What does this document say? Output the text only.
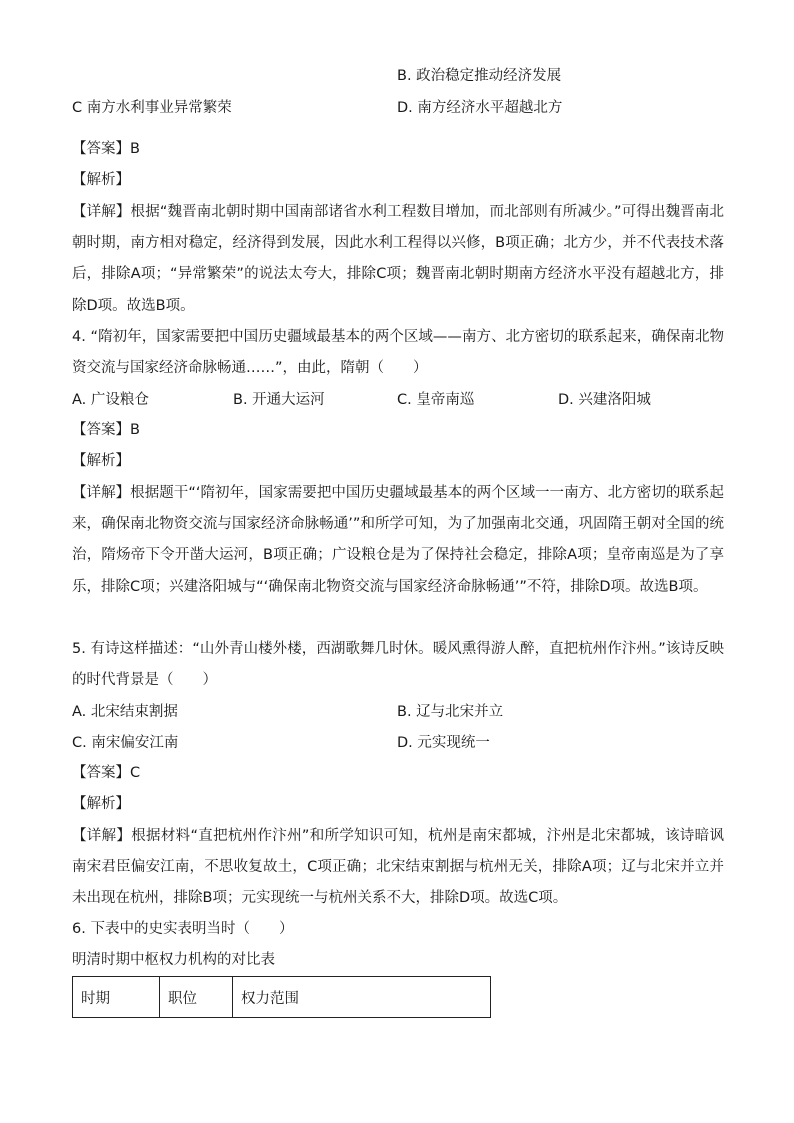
B. 政治稳定推动经济发展
C 南方水利事业异常繁荣	D. 南方经济水平超越北方
【答案】B
【解析】
【详解】根据“魏晋南北朝时期中国南部诸省水利工程数目增加，而北部则有所减少。”可得出魏晋南北朝时期，南方相对稳定，经济得到发展，因此水利工程得以兴修，B项正确；北方少，并不代表技术落后，排除A项；“异常繁荣”的说法太夸大，排除C项；魏晋南北朝时期南方经济水平没有超越北方，排除D项。故选B项。
4. “隋初年，国家需要把中国历史疆域最基本的两个区域——南方、北方密切的联系起来，确保南北物资交流与国家经济命脉畅通……”，由此，隋朝（　　）
A. 广设粮仓	B. 开通大运河	C. 皇帝南巡	D. 兴建洛阳城
【答案】B
【解析】
【详解】根据题干“‘隋初年，国家需要把中国历史疆域最基本的两个区域一一南方、北方密切的联系起来，确保南北物资交流与国家经济命脉畅通’”和所学可知，为了加强南北交通，巩固隋王朝对全国的统治，隋炀帝下令开凿大运河，B项正确；广设粮仓是为了保持社会稳定，排除A项；皇帝南巡是为了享乐，排除C项；兴建洛阳城与“‘确保南北物资交流与国家经济命脉畅通’”不符，排除D项。故选B项。
5. 有诗这样描述：“山外青山楼外楼，西湖歌舞几时休。暖风熏得游人醉，直把杭州作汴州。”该诗反映的时代背景是（　　）
A. 北宋结束割据	B. 辽与北宋并立
C. 南宋偏安江南	D. 元实现统一
【答案】C
【解析】
【详解】根据材料“直把杭州作汴州”和所学知识可知，杭州是南宋都城，汴州是北宋都城，该诗暗讽南宋君臣偏安江南，不思收复故土，C项正确；北宋结束割据与杭州无关，排除A项；辽与北宋并立并未出现在杭州，排除B项；元实现统一与杭州关系不大，排除D项。故选C项。
6. 下表中的史实表明当时（　　）
明清时期中枢权力机构的对比表
时期	职位	权力范围
